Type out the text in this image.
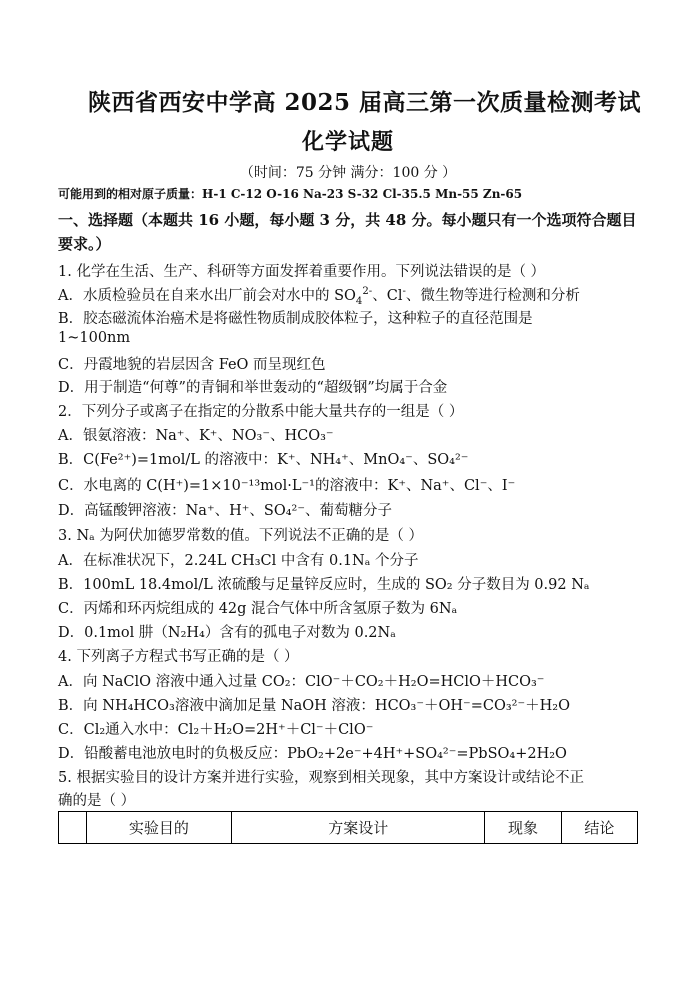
陕西省西安中学高 2025 届高三第一次质量检测考试
化学试题
（时间：75 分钟 满分：100 分 ）
可能用到的相对原子质量：H-1 C-12 O-16 Na-23 S-32 Cl-35.5 Mn-55 Zn-65
一、选择题（本题共 16 小题，每小题 3 分，共 48 分。每小题只有一个选项符合题目要求。）
1. 化学在生活、生产、科研等方面发挥着重要作用。下列说法错误的是（ ）
A．水质检验员在自来水出厂前会对水中的 $SO_4^{2-}$、Cl-、微生物等进行检测和分析
B．胶态磁流体治癌术是将磁性物质制成胶体粒子，这种粒子的直径范围是
1~100nm
C．丹霞地貌的岩层因含 FeO 而呈现红色
D．用于制造“何尊”的青铜和举世轰动的“超级钢”均属于合金
2．下列分子或离子在指定的分散系中能大量共存的一组是（ ）
A．银氨溶液：Na⁺、K⁺、NO₃⁻、HCO₃⁻
B．C(Fe²⁺)=1mol/L 的溶液中：K⁺、NH₄⁺、MnO₄⁻、SO₄²⁻
C．水电离的 C(H⁺)=1×10⁻¹³mol·L⁻¹的溶液中：K⁺、Na⁺、Cl⁻、I⁻
D．高锰酸钾溶液：Na⁺、H⁺、SO₄²⁻、葡萄糖分子
3. Nₐ 为阿伏加德罗常数的值。下列说法不正确的是（ ）
A．在标准状况下，2.24L CH₃Cl 中含有 0.1Nₐ 个分子
B．100mL 18.4mol/L 浓硫酸与足量锌反应时，生成的 SO₂ 分子数目为 0.92 Nₐ
C．丙烯和环丙烷组成的 42g 混合气体中所含氢原子数为 6Nₐ
D．0.1mol 肼（N₂H₄）含有的孤电子对数为 0.2Nₐ
4. 下列离子方程式书写正确的是（ ）
A．向 NaClO 溶液中通入过量 CO₂：ClO⁻＋CO₂＋H₂O=HClO＋HCO₃⁻
B．向 NH₄HCO₃溶液中滴加足量 NaOH 溶液：HCO₃⁻＋OH⁻=CO₃²⁻＋H₂O
C．Cl₂通入水中：Cl₂＋H₂O=2H⁺＋Cl⁻＋ClO⁻
D．铅酸蓄电池放电时的负极反应：PbO₂+2e⁻+4H⁺+SO₄²⁻=PbSO₄+2H₂O
5. 根据实验目的设计方案并进行实验，观察到相关现象，其中方案设计或结论不正
确的是（ ）
	实验目的	方案设计	现象	结论
